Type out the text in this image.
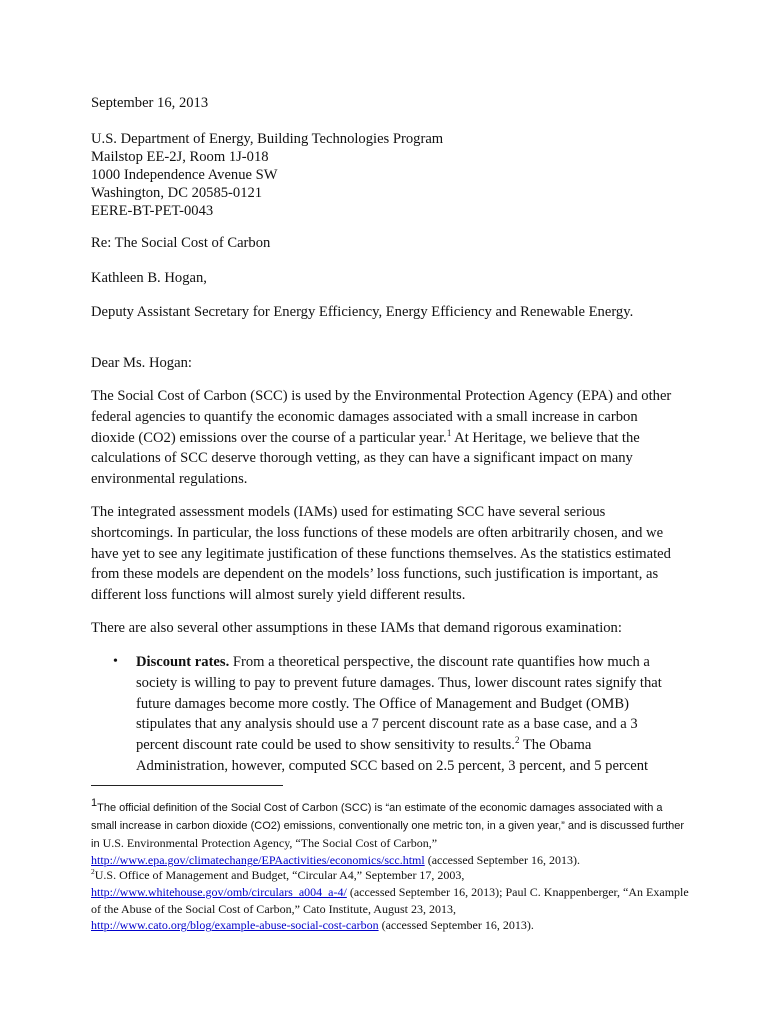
September 16, 2013
U.S. Department of Energy, Building Technologies Program
Mailstop EE-2J, Room 1J-018
1000 Independence Avenue SW
Washington, DC 20585-0121
EERE-BT-PET-0043
Re: The Social Cost of Carbon
Kathleen B. Hogan,
Deputy Assistant Secretary for Energy Efficiency, Energy Efficiency and Renewable Energy.
Dear Ms. Hogan:

The Social Cost of Carbon (SCC) is used by the Environmental Protection Agency (EPA) and other federal agencies to quantify the economic damages associated with a small increase in carbon dioxide (CO2) emissions over the course of a particular year.$^1$ At Heritage, we believe that the calculations of SCC deserve thorough vetting, as they can have a significant impact on many environmental regulations.

The integrated assessment models (IAMs) used for estimating SCC have several serious shortcomings. In particular, the loss functions of these models are often arbitrarily chosen, and we have yet to see any legitimate justification of these functions themselves. As the statistics estimated from these models are dependent on the models’ loss functions, such justification is important, as different loss functions will almost surely yield different results.

There are also several other assumptions in these IAMs that demand rigorous examination:

• Discount rates. From a theoretical perspective, the discount rate quantifies how much a society is willing to pay to prevent future damages. Thus, lower discount rates signify that future damages become more costly. The Office of Management and Budget (OMB) stipulates that any analysis should use a 7 percent discount rate as a base case, and a 3 percent discount rate could be used to show sensitivity to results.$^2$ The Obama Administration, however, computed SCC based on 2.5 percent, 3 percent, and 5 percent

1The official definition of the Social Cost of Carbon (SCC) is “an estimate of the economic damages associated with a small increase in carbon dioxide (CO2) emissions, conventionally one metric ton, in a given year,” and is discussed further in U.S. Environmental Protection Agency, “The Social Cost of Carbon,”
http://www.epa.gov/climatechange/EPAactivities/economics/scc.html (accessed September 16, 2013).

$^2$U.S. Office of Management and Budget, “Circular A4,” September 17, 2003,
http://www.whitehouse.gov/omb/circulars_a004_a-4/ (accessed September 16, 2013); Paul C. Knappenberger, “An Example of the Abuse of the Social Cost of Carbon,” Cato Institute, August 23, 2013,
http://www.cato.org/blog/example-abuse-social-cost-carbon (accessed September 16, 2013).
